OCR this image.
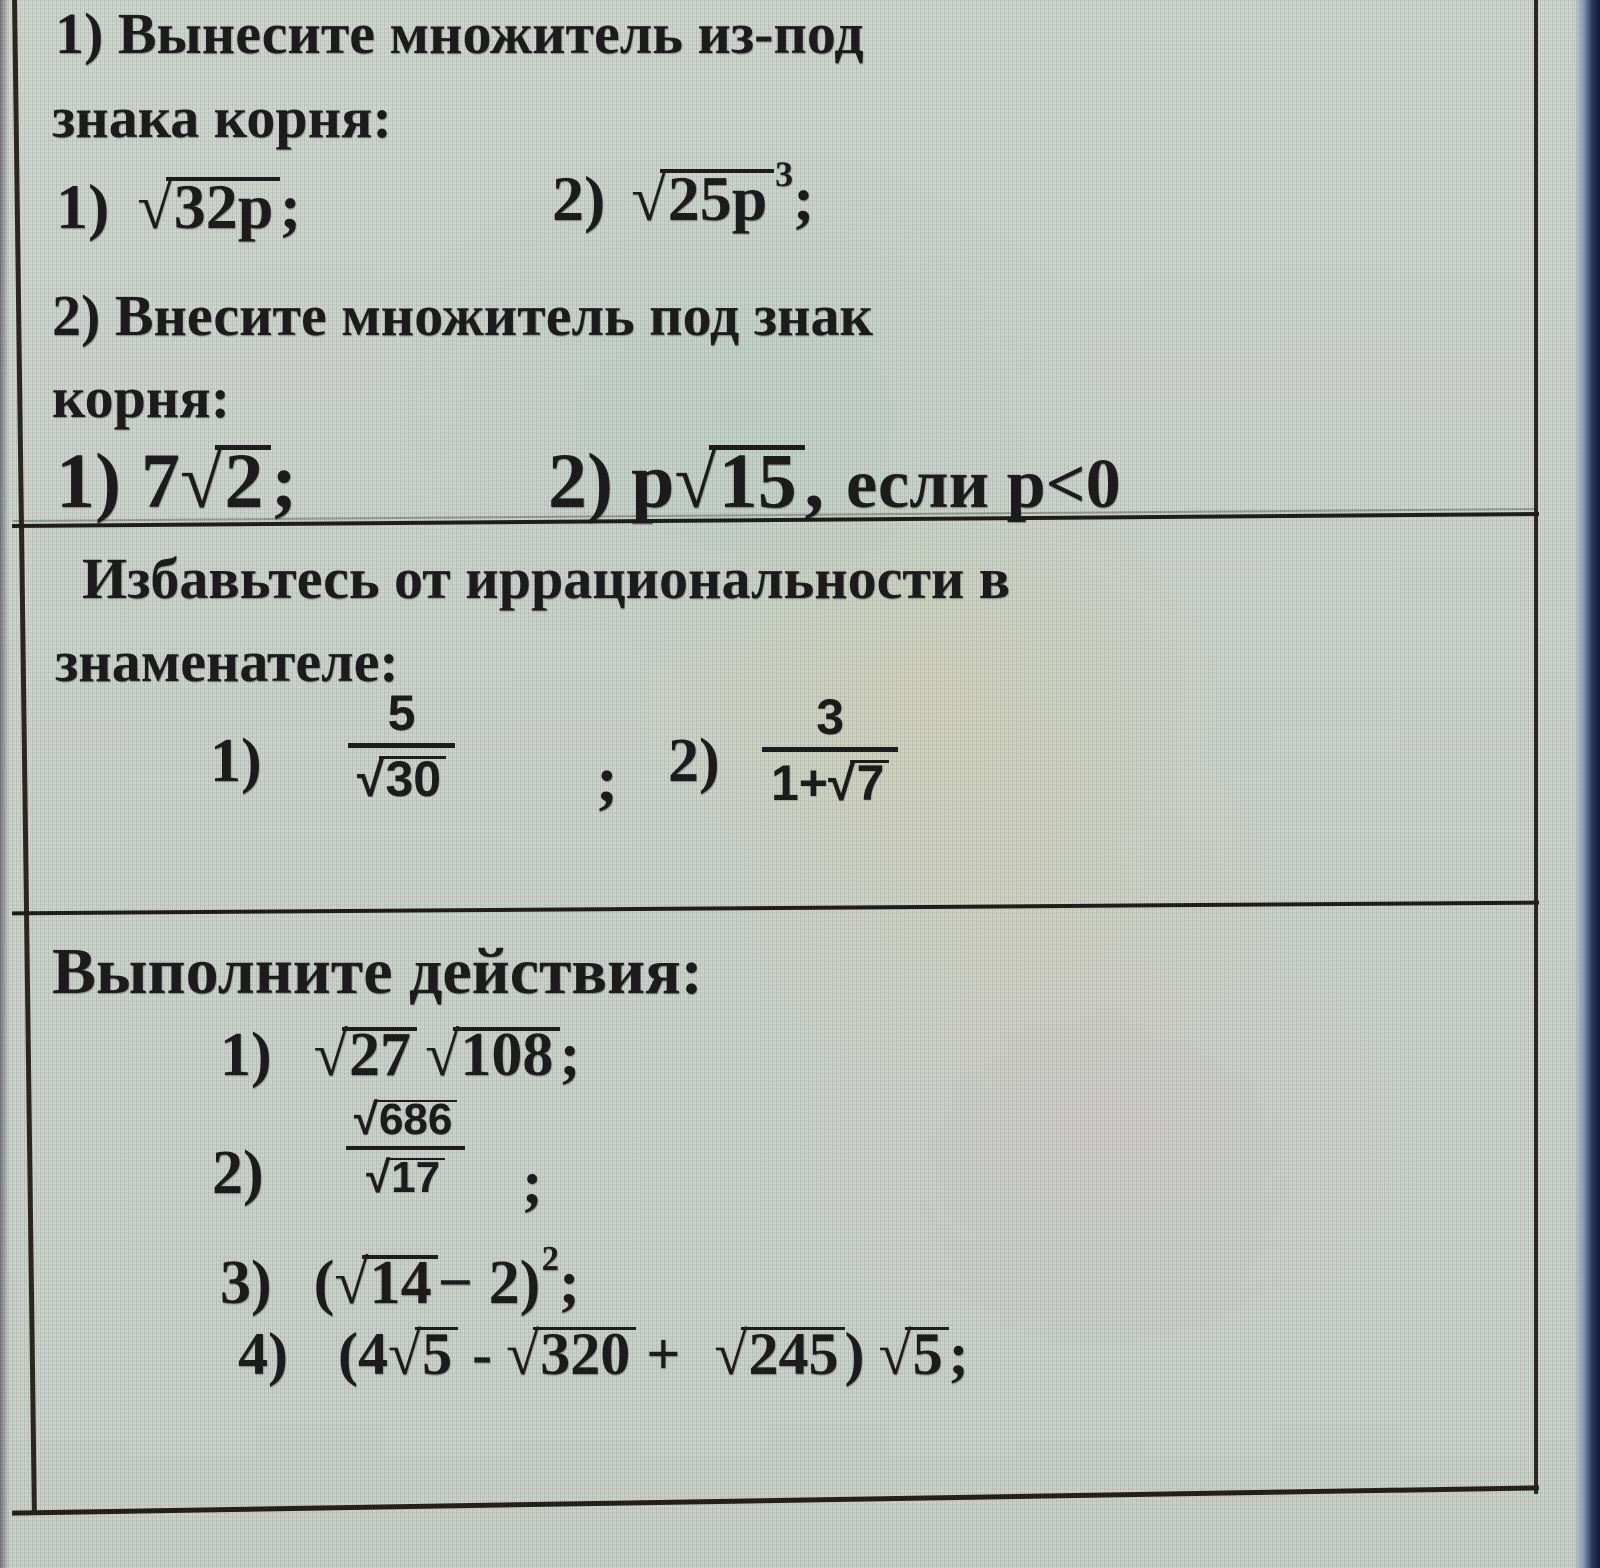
1) Вынесите множитель из-под
знака корня:
1) √ 32p ;	2) √ 25p 3 ;
2) Внесите множитель под знак
корня:
1) 7 √ 2 ;	2) p √ 15 , если p<0
Избавьтесь от иррациональности в
знаменателе:
1)
5
√ 30 ; 2)
3
1+ √ 7
Выполните действия:
1) √ 27 √ 108 ;
2)
√ 686
√ 17 ;
3) ( √ 14 − 2) 2 ;
4) (4 √ 5 - √ 320 + √ 245 ) √ 5 ;
